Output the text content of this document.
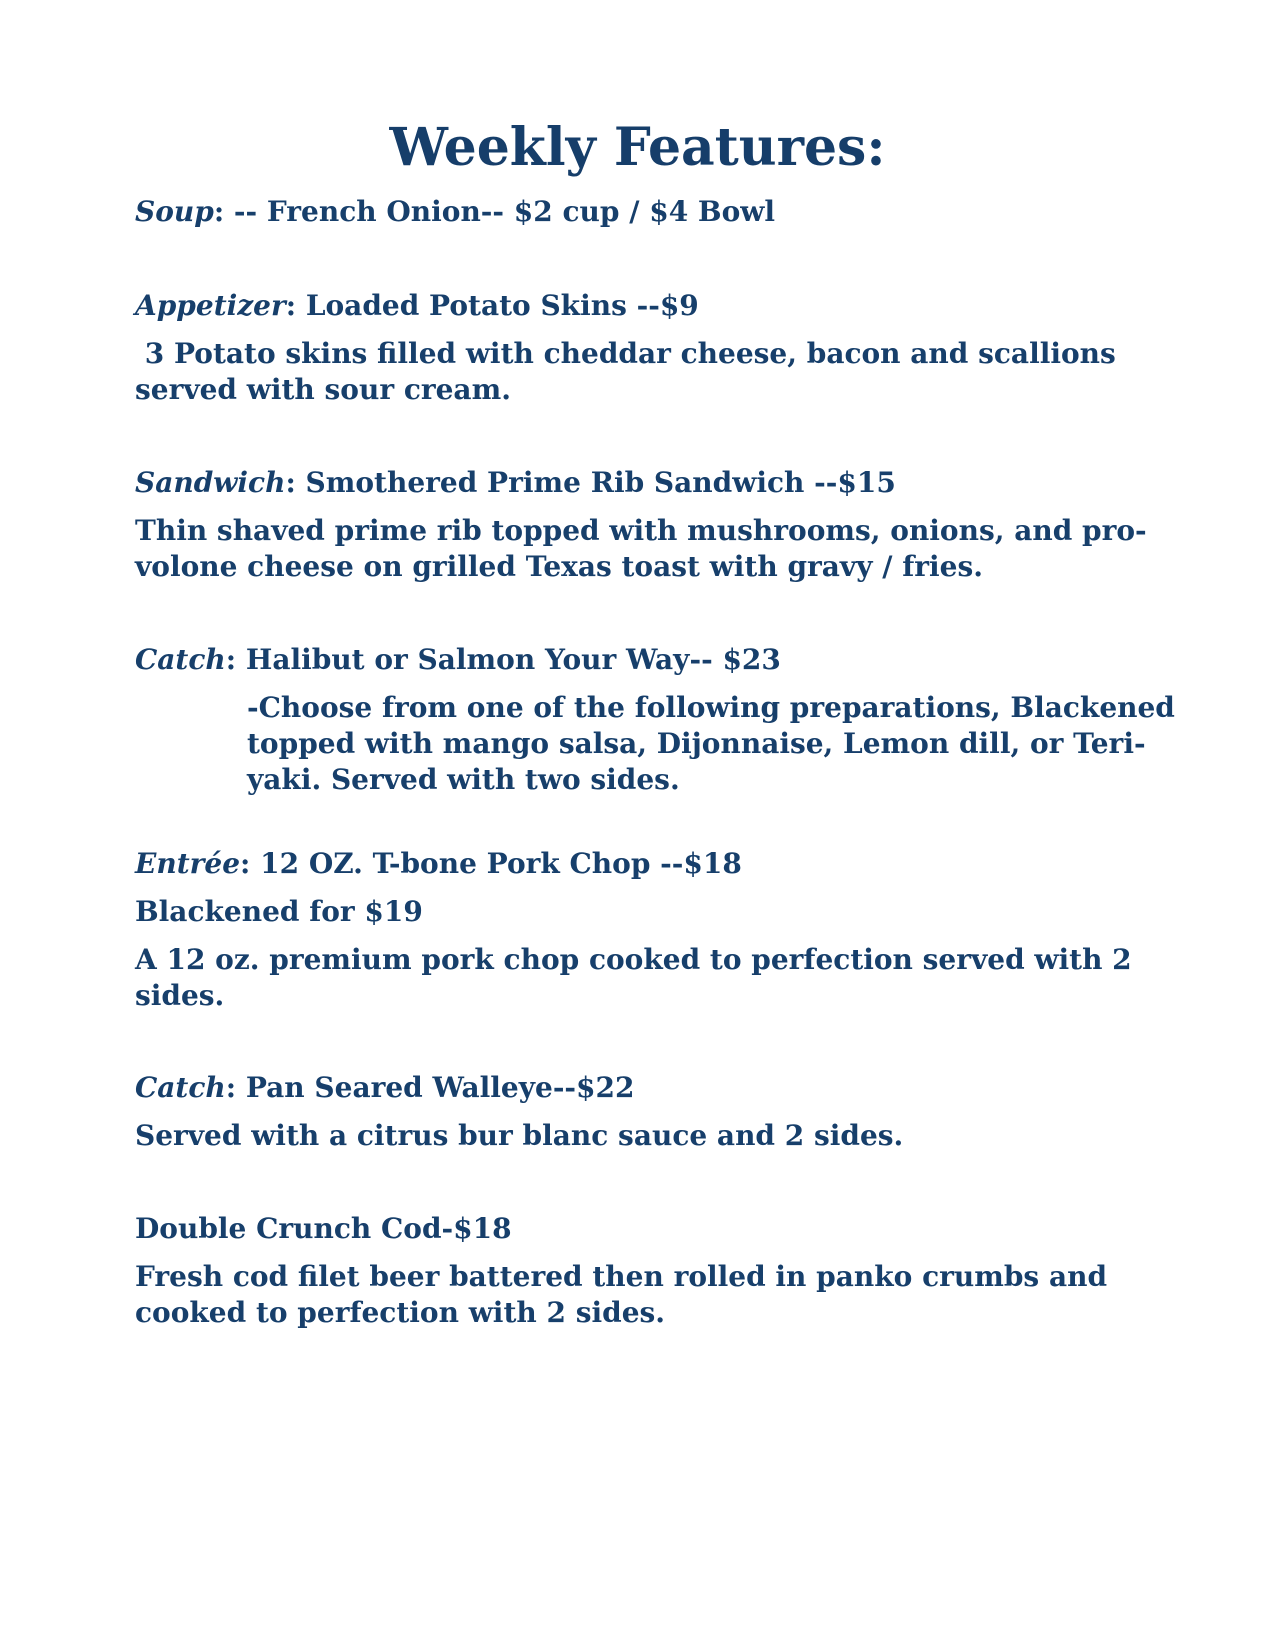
Weekly Features:
Soup: -- French Onion-- $2 cup / $4 Bowl
Appetizer: Loaded Potato Skins --$9
3 Potato skins filled with cheddar cheese, bacon and scallions
served with sour cream.
Sandwich: Smothered Prime Rib Sandwich --$15
Thin shaved prime rib topped with mushrooms, onions, and pro-
volone cheese on grilled Texas toast with gravy / fries.
Catch: Halibut or Salmon Your Way-- $23
-Choose from one of the following preparations, Blackened
topped with mango salsa, Dijonnaise, Lemon dill, or Teri-
yaki. Served with two sides.
Entrée: 12 OZ. T-bone Pork Chop --$18
Blackened for $19
A 12 oz. premium pork chop cooked to perfection served with 2
sides.
Catch: Pan Seared Walleye--$22
Served with a citrus bur blanc sauce and 2 sides.
Double Crunch Cod-$18
Fresh cod filet beer battered then rolled in panko crumbs and
cooked to perfection with 2 sides.
